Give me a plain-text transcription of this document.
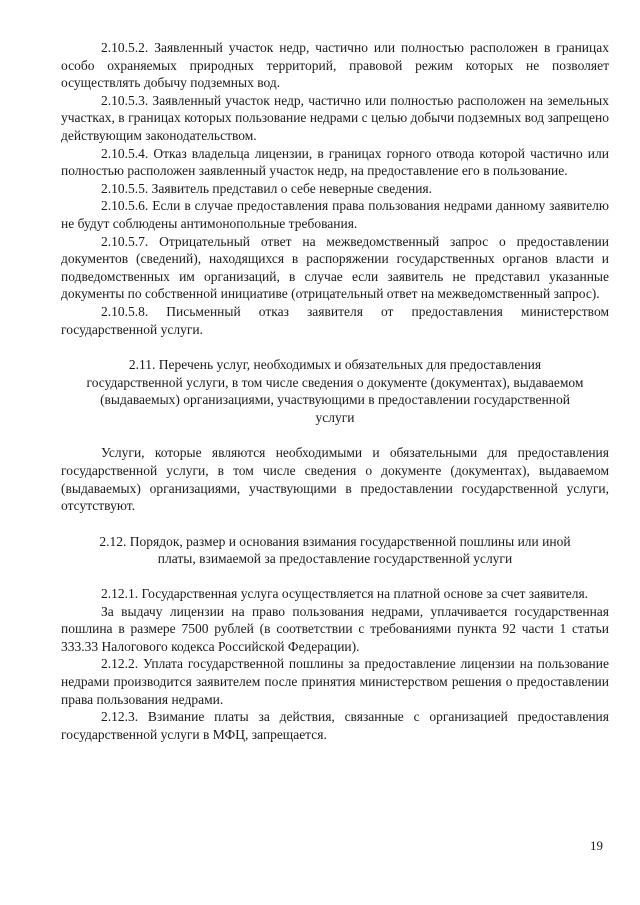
2.10.5.2. Заявленный участок недр, частично или полностью расположен в границах особо охраняемых природных территорий, правовой режим которых не позволяет осуществлять добычу подземных вод.

2.10.5.3. Заявленный участок недр, частично или полностью расположен на земельных участках, в границах которых пользование недрами с целью добычи подземных вод запрещено действующим законодательством.

2.10.5.4. Отказ владельца лицензии, в границах горного отвода которой частично или полностью расположен заявленный участок недр, на предоставление его в пользование.

2.10.5.5. Заявитель представил о себе неверные сведения.

2.10.5.6. Если в случае предоставления права пользования недрами данному заявителю не будут соблюдены антимонопольные требования.

2.10.5.7. Отрицательный ответ на межведомственный запрос о предоставлении документов (сведений), находящихся в распоряжении государственных органов власти и подведомственных им организаций, в случае если заявитель не представил указанные документы по собственной инициативе (отрицательный ответ на межведомственный запрос).

2.10.5.8. Письменный отказ заявителя от предоставления министерством государственной услуги.

2.11. Перечень услуг, необходимых и обязательных для предоставления государственной услуги, в том числе сведения о документе (документах), выдаваемом (выдаваемых) организациями, участвующими в предоставлении государственной услуги

Услуги, которые являются необходимыми и обязательными для предоставления государственной услуги, в том числе сведения о документе (документах), выдаваемом (выдаваемых) организациями, участвующими в предоставлении государственной услуги, отсутствуют.

2.12. Порядок, размер и основания взимания государственной пошлины или иной платы, взимаемой за предоставление государственной услуги

2.12.1. Государственная услуга осуществляется на платной основе за счет заявителя.

За выдачу лицензии на право пользования недрами, уплачивается государственная пошлина в размере 7500 рублей (в соответствии с требованиями пункта 92 части 1 статьи 333.33 Налогового кодекса Российской Федерации).

2.12.2. Уплата государственной пошлины за предоставление лицензии на пользование недрами производится заявителем после принятия министерством решения о предоставлении права пользования недрами.

2.12.3. Взимание платы за действия, связанные с организацией предоставления государственной услуги в МФЦ, запрещается.

19
